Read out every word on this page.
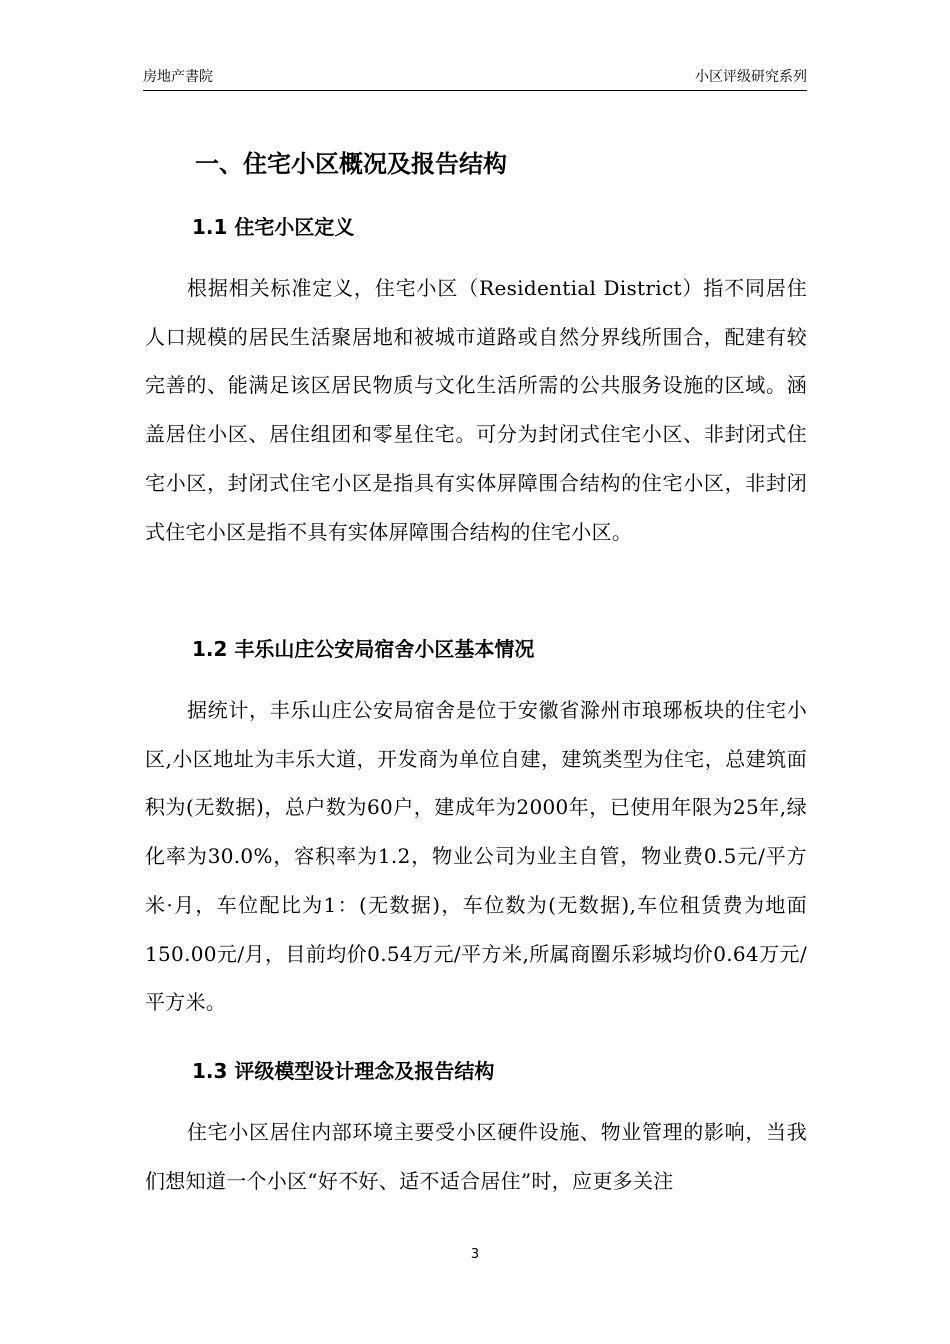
房地产書院	小区评级研究系列
一、住宅小区概况及报告结构
1.1 住宅小区定义
根据相关标准定义，住宅小区（Residential District）指不同居住人口规模的居民生活聚居地和被城市道路或自然分界线所围合，配建有较完善的、能满足该区居民物质与文化生活所需的公共服务设施的区域。涵盖居住小区、居住组团和零星住宅。可分为封闭式住宅小区、非封闭式住宅小区，封闭式住宅小区是指具有实体屏障围合结构的住宅小区，非封闭式住宅小区是指不具有实体屏障围合结构的住宅小区。
1.2 丰乐山庄公安局宿舍小区基本情况
据统计，丰乐山庄公安局宿舍是位于安徽省滁州市琅琊板块的住宅小区,小区地址为丰乐大道，开发商为单位自建，建筑类型为住宅，总建筑面积为(无数据)，总户数为60户，建成年为2000年，已使用年限为25年,绿化率为30.0%，容积率为1.2，物业公司为业主自管，物业费0.5元/平方米·月，车位配比为1：(无数据)，车位数为(无数据),车位租赁费为地面150.00元/月，目前均价0.54万元/平方米,所属商圈乐彩城均价0.64万元/平方米。
1.3 评级模型设计理念及报告结构
住宅小区居住内部环境主要受小区硬件设施、物业管理的影响，当我们想知道一个小区“好不好、适不适合居住”时，应更多关注
3
